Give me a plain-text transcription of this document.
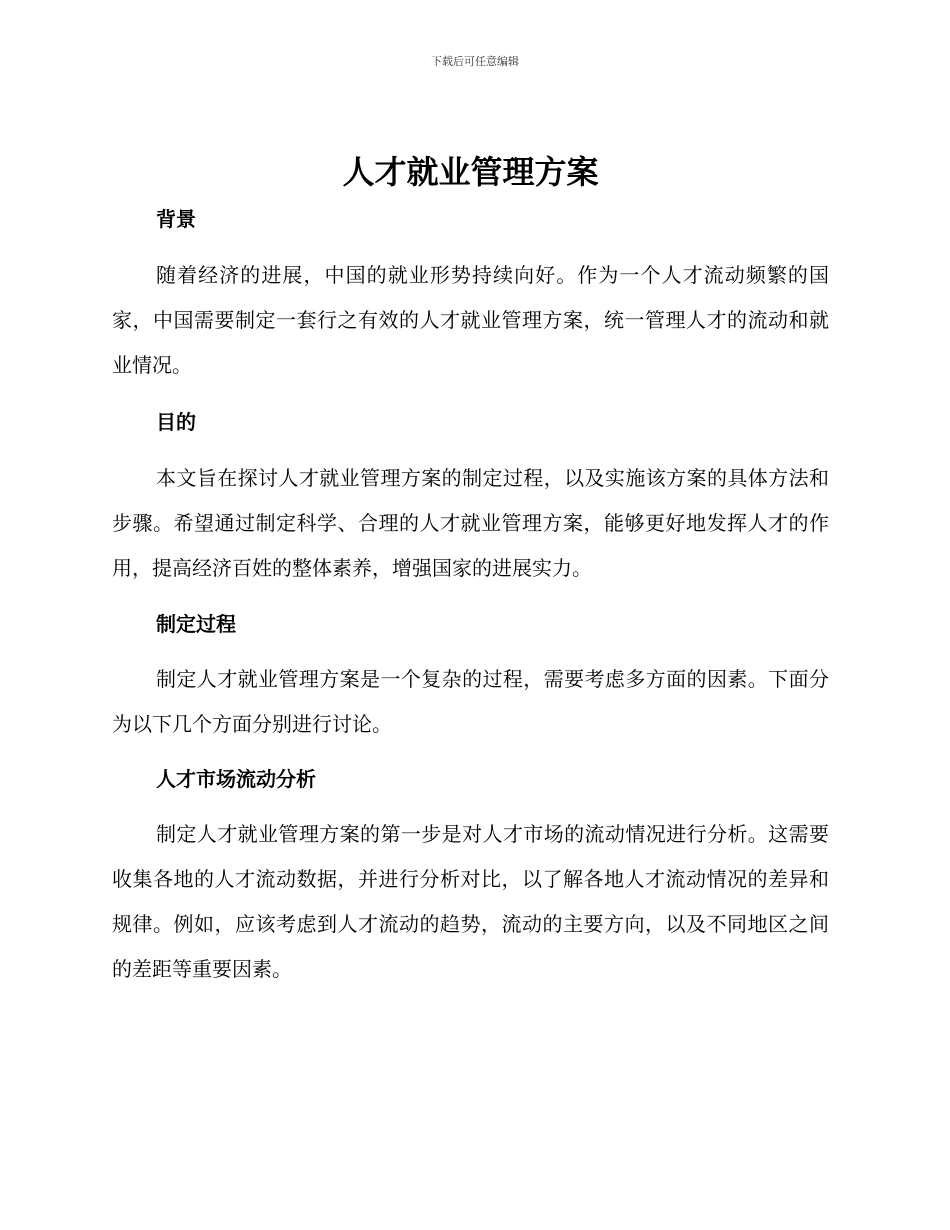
下载后可任意编辑
人才就业管理方案
背景

随着经济的进展，中国的就业形势持续向好。作为一个人才流动频繁的国家，中国需要制定一套行之有效的人才就业管理方案，统一管理人才的流动和就业情况。

目的

本文旨在探讨人才就业管理方案的制定过程，以及实施该方案的具体方法和步骤。希望通过制定科学、合理的人才就业管理方案，能够更好地发挥人才的作用，提高经济百姓的整体素养，增强国家的进展实力。

制定过程

制定人才就业管理方案是一个复杂的过程，需要考虑多方面的因素。下面分为以下几个方面分别进行讨论。

人才市场流动分析

制定人才就业管理方案的第一步是对人才市场的流动情况进行分析。这需要收集各地的人才流动数据，并进行分析对比，以了解各地人才流动情况的差异和规律。例如，应该考虑到人才流动的趋势，流动的主要方向，以及不同地区之间的差距等重要因素。
